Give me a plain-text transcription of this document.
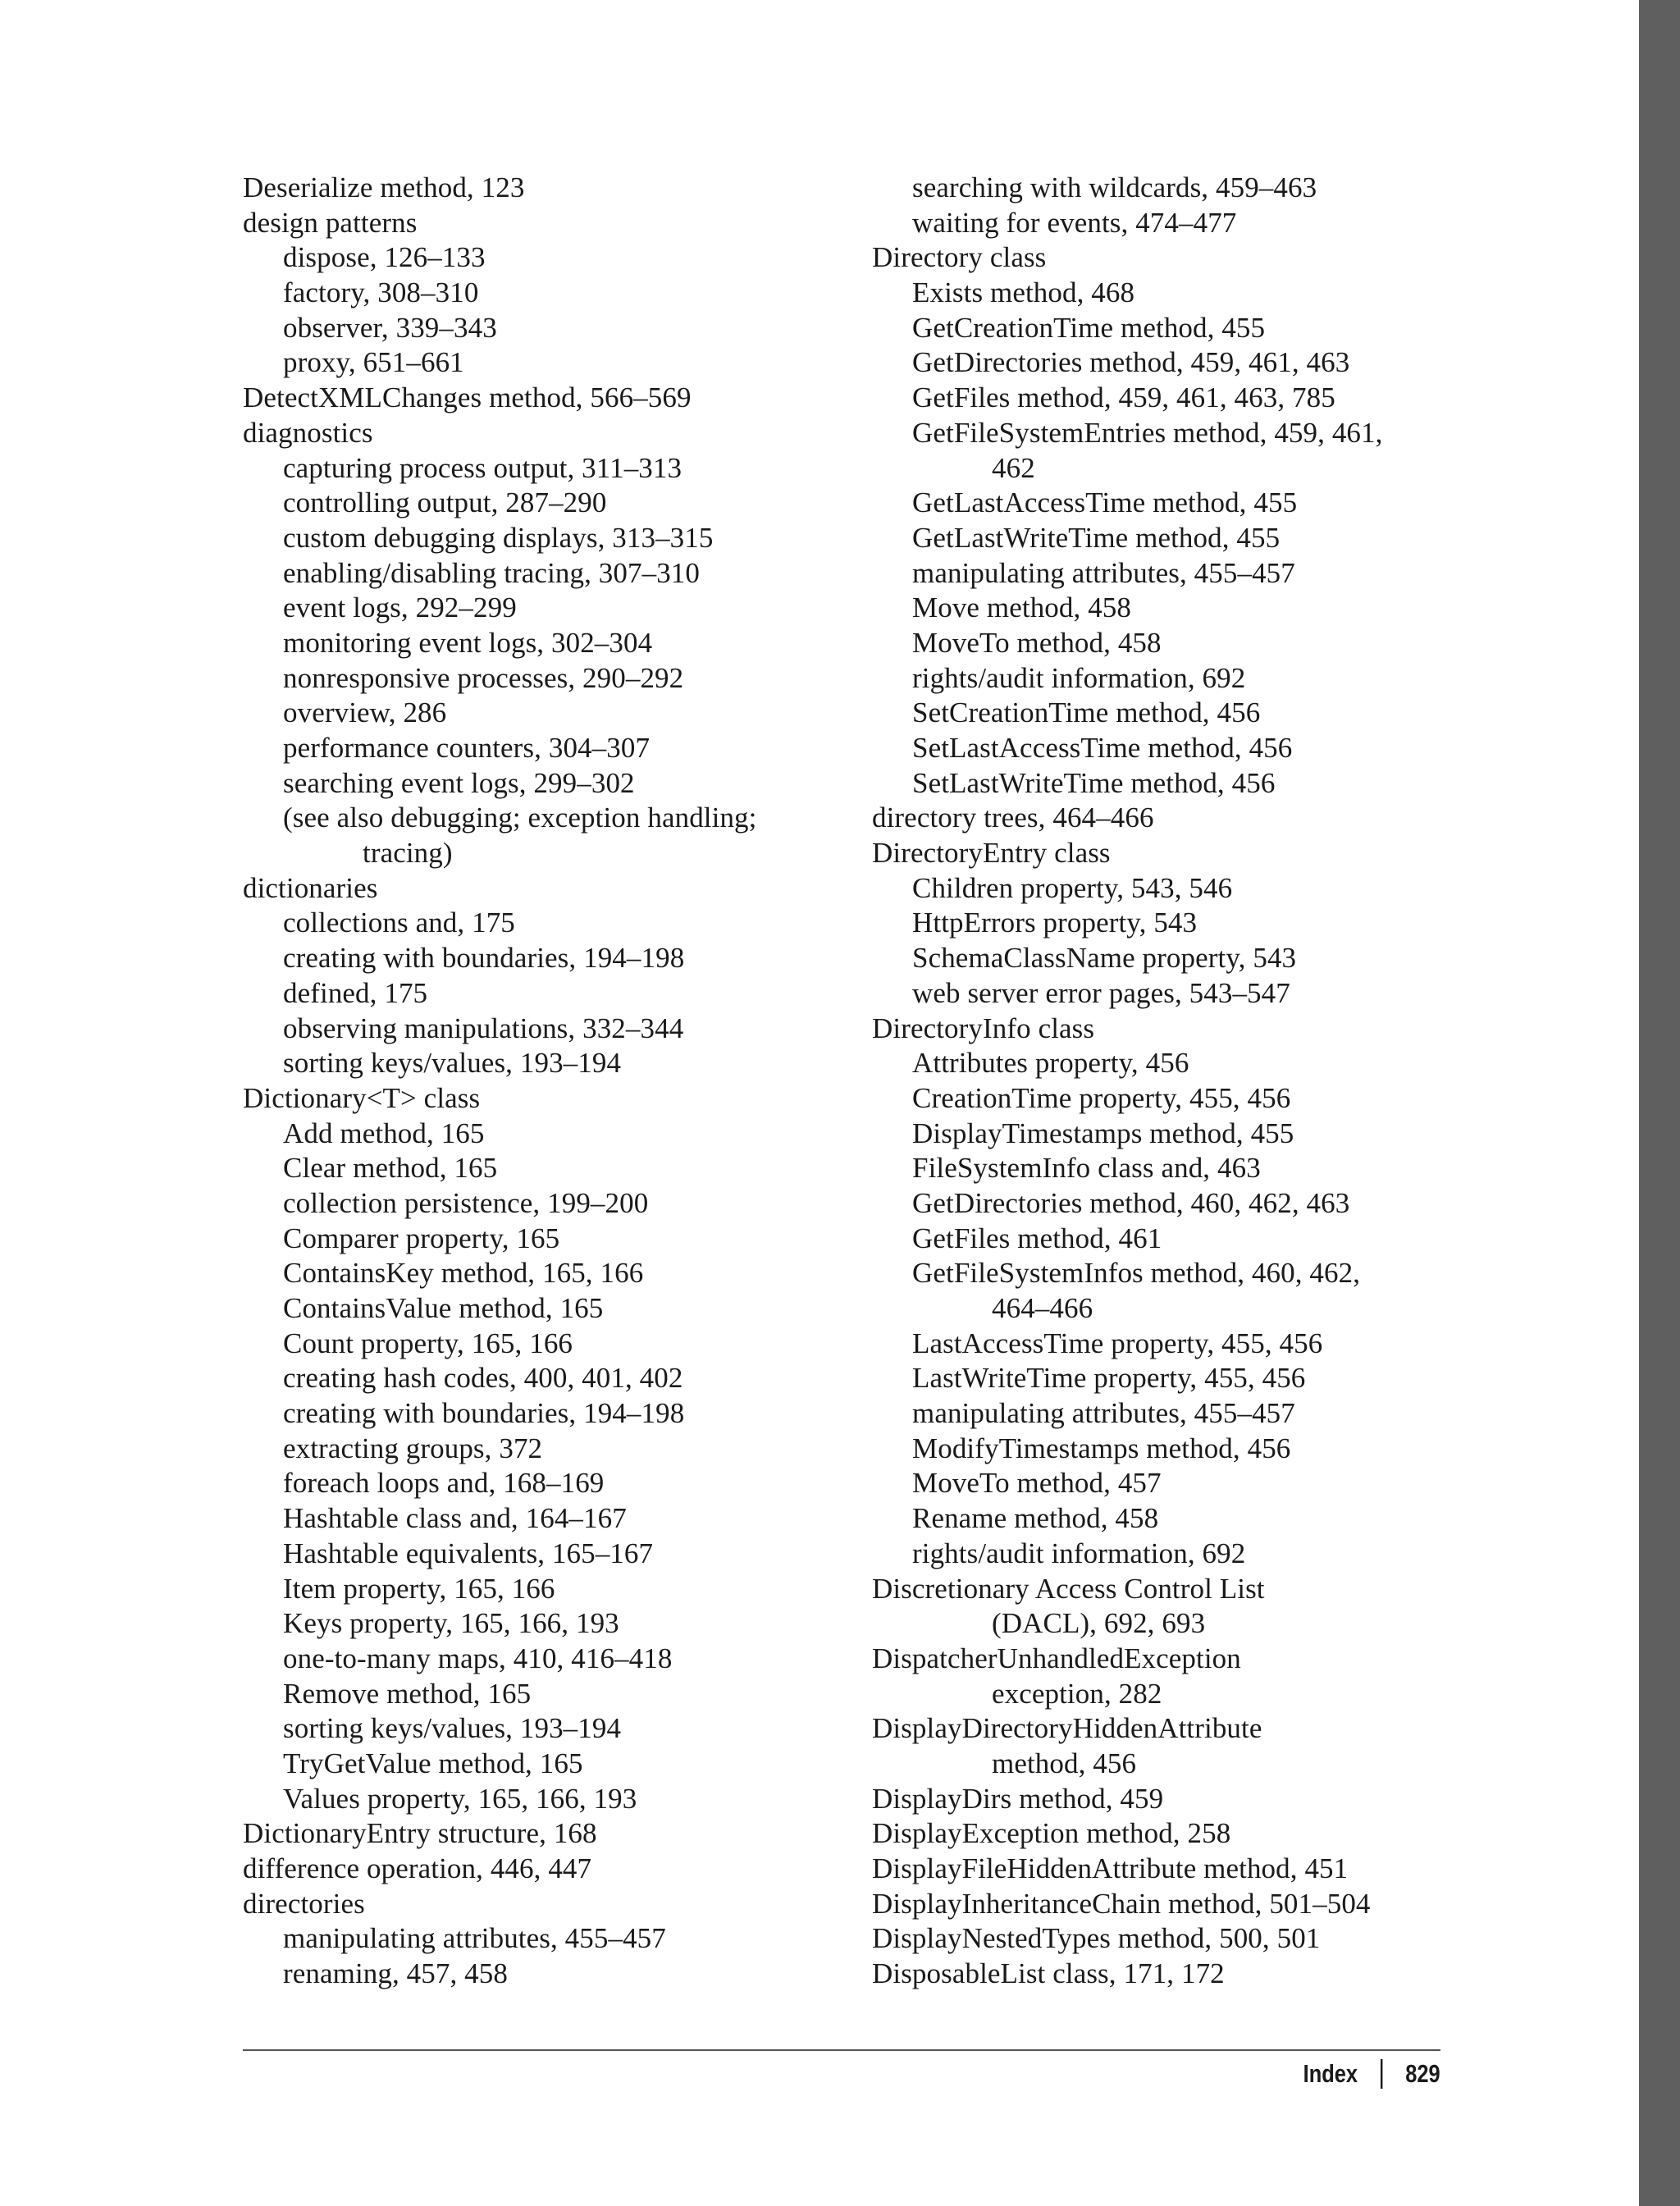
Deserialize method, 123
design patterns
dispose, 126–133
factory, 308–310
observer, 339–343
proxy, 651–661
DetectXMLChanges method, 566–569
diagnostics
capturing process output, 311–313
controlling output, 287–290
custom debugging displays, 313–315
enabling/disabling tracing, 307–310
event logs, 292–299
monitoring event logs, 302–304
nonresponsive processes, 290–292
overview, 286
performance counters, 304–307
searching event logs, 299–302
(see also debugging; exception handling;
tracing)
dictionaries
collections and, 175
creating with boundaries, 194–198
defined, 175
observing manipulations, 332–344
sorting keys/values, 193–194
Dictionary<T> class
Add method, 165
Clear method, 165
collection persistence, 199–200
Comparer property, 165
ContainsKey method, 165, 166
ContainsValue method, 165
Count property, 165, 166
creating hash codes, 400, 401, 402
creating with boundaries, 194–198
extracting groups, 372
foreach loops and, 168–169
Hashtable class and, 164–167
Hashtable equivalents, 165–167
Item property, 165, 166
Keys property, 165, 166, 193
one-to-many maps, 410, 416–418
Remove method, 165
sorting keys/values, 193–194
TryGetValue method, 165
Values property, 165, 166, 193
DictionaryEntry structure, 168
difference operation, 446, 447
directories
manipulating attributes, 455–457
renaming, 457, 458
searching with wildcards, 459–463
waiting for events, 474–477
Directory class
Exists method, 468
GetCreationTime method, 455
GetDirectories method, 459, 461, 463
GetFiles method, 459, 461, 463, 785
GetFileSystemEntries method, 459, 461,
462
GetLastAccessTime method, 455
GetLastWriteTime method, 455
manipulating attributes, 455–457
Move method, 458
MoveTo method, 458
rights/audit information, 692
SetCreationTime method, 456
SetLastAccessTime method, 456
SetLastWriteTime method, 456
directory trees, 464–466
DirectoryEntry class
Children property, 543, 546
HttpErrors property, 543
SchemaClassName property, 543
web server error pages, 543–547
DirectoryInfo class
Attributes property, 456
CreationTime property, 455, 456
DisplayTimestamps method, 455
FileSystemInfo class and, 463
GetDirectories method, 460, 462, 463
GetFiles method, 461
GetFileSystemInfos method, 460, 462,
464–466
LastAccessTime property, 455, 456
LastWriteTime property, 455, 456
manipulating attributes, 455–457
ModifyTimestamps method, 456
MoveTo method, 457
Rename method, 458
rights/audit information, 692
Discretionary Access Control List
(DACL), 692, 693
DispatcherUnhandledException
exception, 282
DisplayDirectoryHiddenAttribute
method, 456
DisplayDirs method, 459
DisplayException method, 258
DisplayFileHiddenAttribute method, 451
DisplayInheritanceChain method, 501–504
DisplayNestedTypes method, 500, 501
DisposableList class, 171, 172
Index 829
